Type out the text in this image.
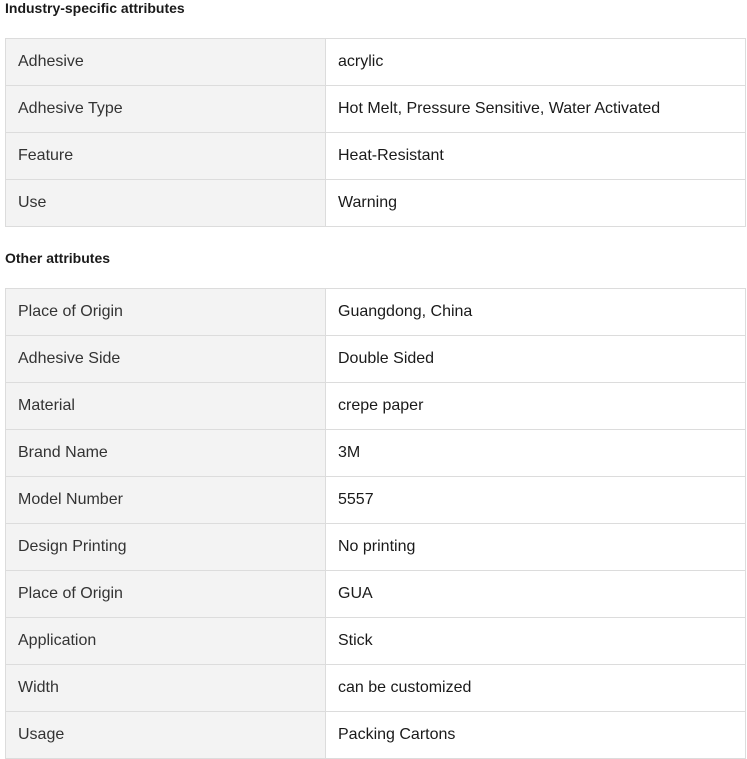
Industry-specific attributes
Adhesive	acrylic
Adhesive Type	Hot Melt, Pressure Sensitive, Water Activated
Feature	Heat-Resistant
Use	Warning
Other attributes
Place of Origin	Guangdong, China
Adhesive Side	Double Sided
Material	crepe paper
Brand Name	3M
Model Number	5557
Design Printing	No printing
Place of Origin	GUA
Application	Stick
Width	can be customized
Usage	Packing Cartons
